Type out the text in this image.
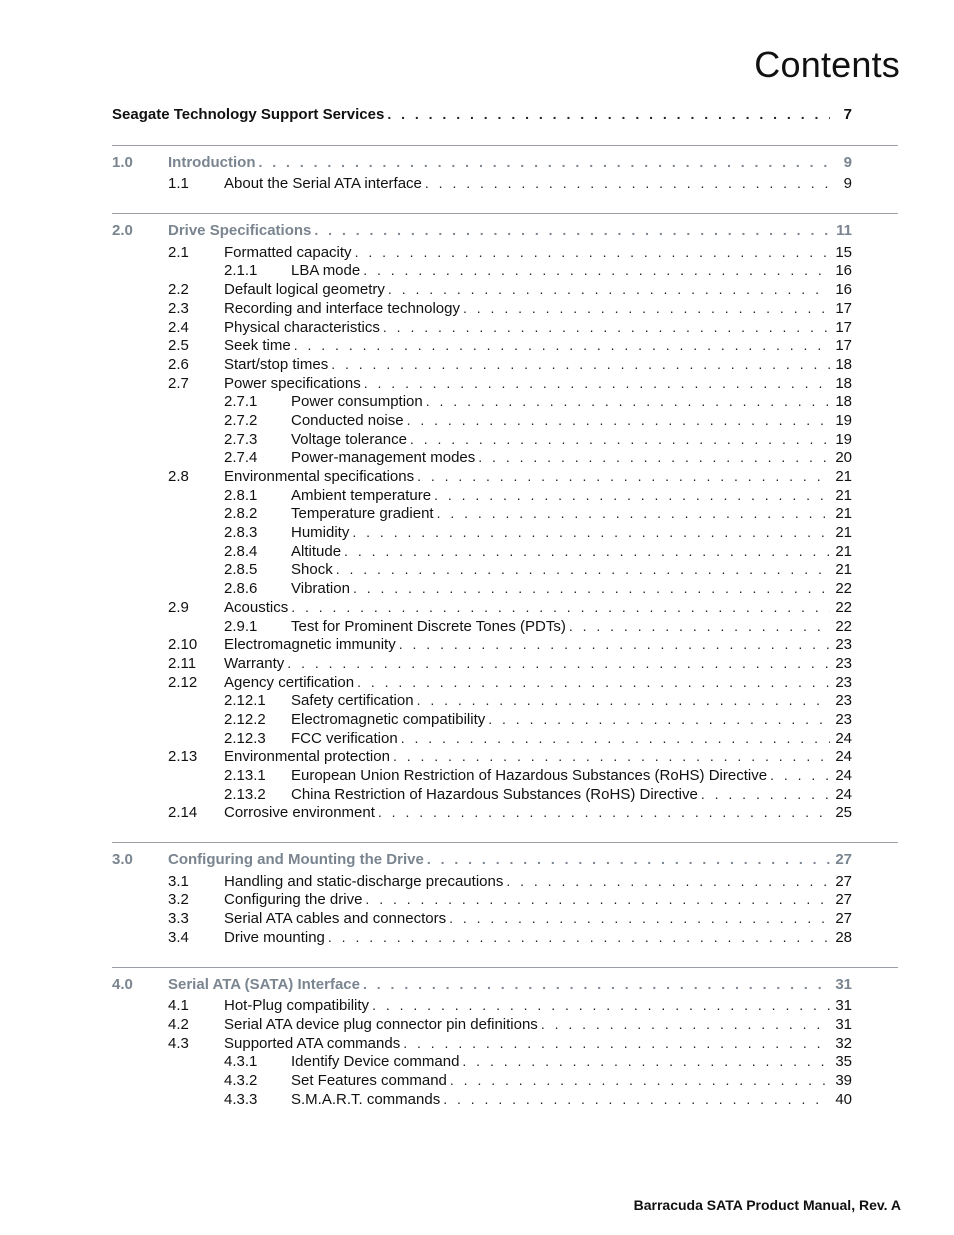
Contents
Seagate Technology Support Services . . .	7
1.0	Introduction . . .	9
1.1	About the Serial ATA interface . . .	9
2.0	Drive Specifications . . .	11
2.1	Formatted capacity . . .	15
2.1.1	LBA mode . . .	16
2.2	Default logical geometry . . .	16
2.3	Recording and interface technology . . .	17
2.4	Physical characteristics . . .	17
2.5	Seek time . . .	17
2.6	Start/stop times . . .	18
2.7	Power specifications . . .	18
2.7.1	Power consumption . . .	18
2.7.2	Conducted noise . . .	19
2.7.3	Voltage tolerance . . .	19
2.7.4	Power-management modes . . .	20
2.8	Environmental specifications . . .	21
2.8.1	Ambient temperature . . .	21
2.8.2	Temperature gradient . . .	21
2.8.3	Humidity . . .	21
2.8.4	Altitude . . .	21
2.8.5	Shock . . .	21
2.8.6	Vibration . . .	22
2.9	Acoustics . . .	22
2.9.1	Test for Prominent Discrete Tones (PDTs) . . .	22
2.10	Electromagnetic immunity . . .	23
2.11	Warranty . . .	23
2.12	Agency certification . . .	23
2.12.1	Safety certification . . .	23
2.12.2	Electromagnetic compatibility . . .	23
2.12.3	FCC verification . . .	24
2.13	Environmental protection . . .	24
2.13.1	European Union Restriction of Hazardous Substances (RoHS) Directive . . .	24
2.13.2	China Restriction of Hazardous Substances (RoHS) Directive . . .	24
2.14	Corrosive environment . . .	25
3.0	Configuring and Mounting the Drive . . .	27
3.1	Handling and static-discharge precautions . . .	27
3.2	Configuring the drive . . .	27
3.3	Serial ATA cables and connectors . . .	27
3.4	Drive mounting . . .	28
4.0	Serial ATA (SATA) Interface . . .	31
4.1	Hot-Plug compatibility . . .	31
4.2	Serial ATA device plug connector pin definitions . . .	31
4.3	Supported ATA commands . . .	32
4.3.1	Identify Device command . . .	35
4.3.2	Set Features command . . .	39
4.3.3	S.M.A.R.T. commands . . .	40
Barracuda SATA Product Manual, Rev. A
